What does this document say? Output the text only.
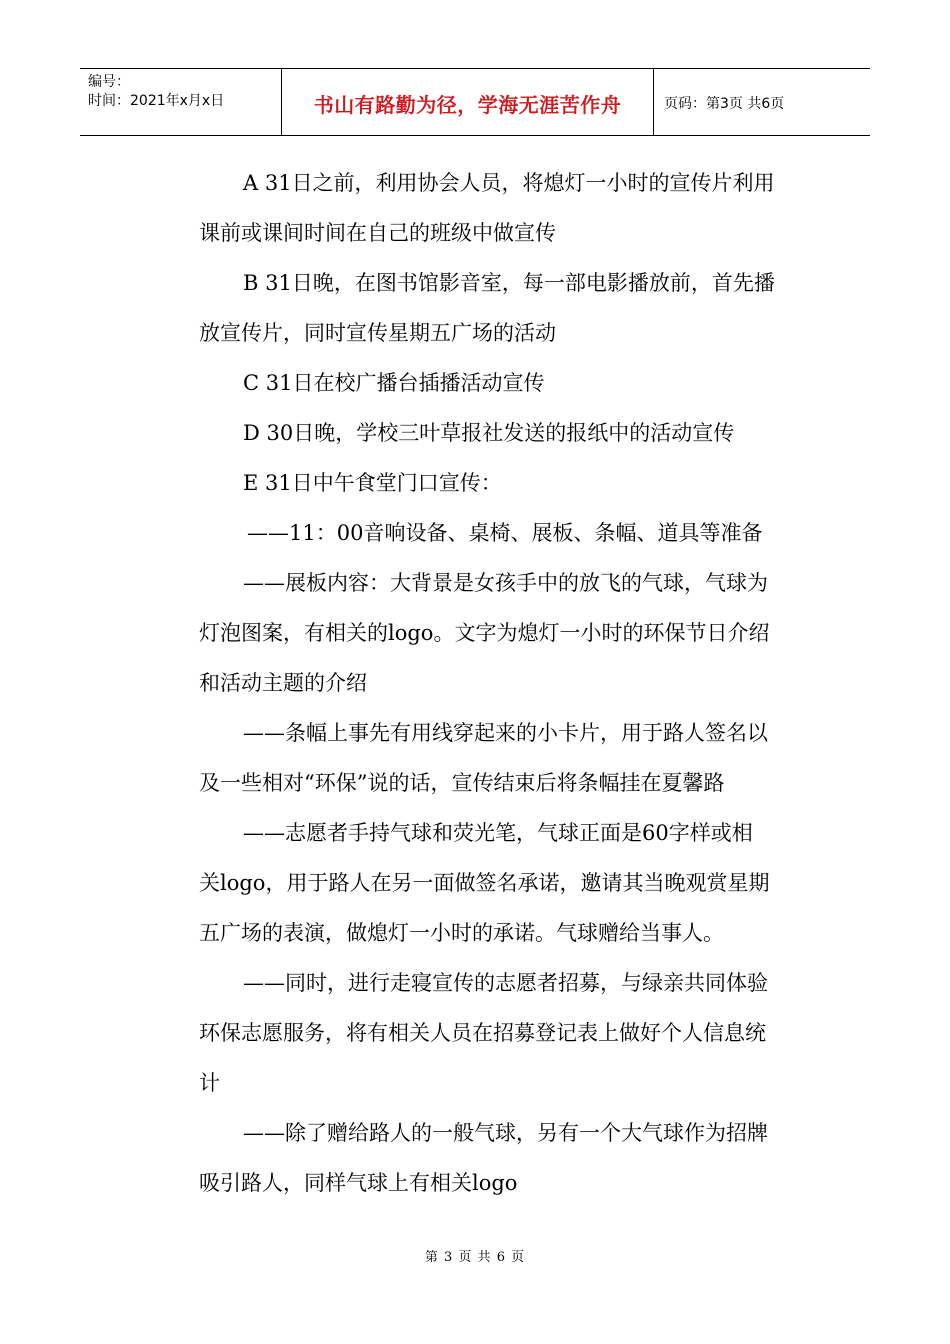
编号：
时间：2021年x月x日	书山有路勤为径，学海无涯苦作舟	页码：第3页 共6页
A 31日之前，利用协会人员，将熄灯一小时的宣传片利用
课前或课间时间在自己的班级中做宣传
B 31日晚，在图书馆影音室，每一部电影播放前，首先播
放宣传片，同时宣传星期五广场的活动
C 31日在校广播台插播活动宣传
D 30日晚，学校三叶草报社发送的报纸中的活动宣传
E 31日中午食堂门口宣传：
——11：00音响设备、桌椅、展板、条幅、道具等准备
——展板内容：大背景是女孩手中的放飞的气球，气球为
灯泡图案，有相关的logo。文字为熄灯一小时的环保节日介绍
和活动主题的介绍
——条幅上事先有用线穿起来的小卡片，用于路人签名以
及一些相对“环保”说的话，宣传结束后将条幅挂在夏馨路
——志愿者手持气球和荧光笔，气球正面是60字样或相
关logo，用于路人在另一面做签名承诺，邀请其当晚观赏星期
五广场的表演，做熄灯一小时的承诺。气球赠给当事人。
——同时，进行走寝宣传的志愿者招募，与绿亲共同体验
环保志愿服务，将有相关人员在招募登记表上做好个人信息统
计
——除了赠给路人的一般气球，另有一个大气球作为招牌
吸引路人，同样气球上有相关logo
第 3 页 共 6 页
